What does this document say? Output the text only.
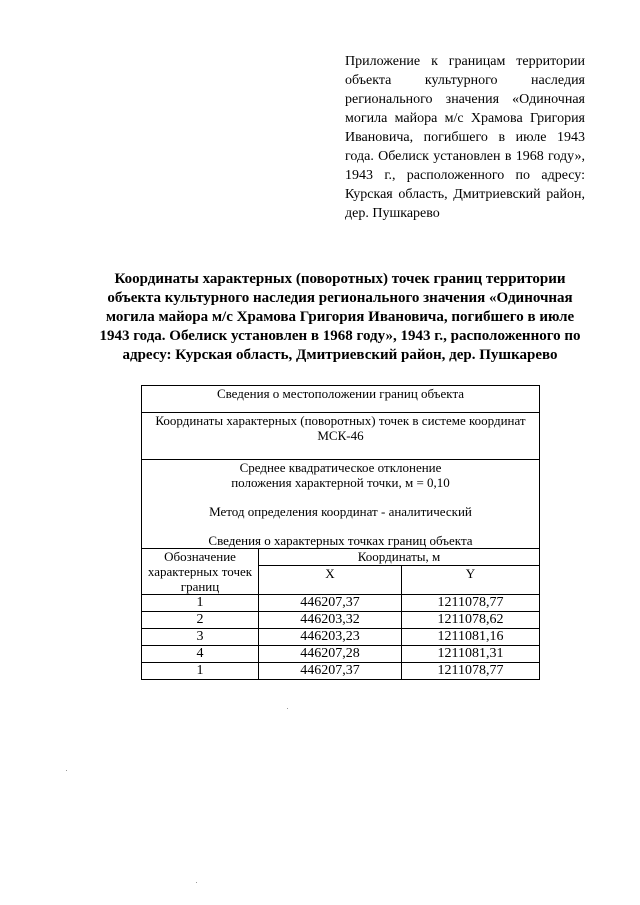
Приложение к границам территории объекта культурного наследия регионального значения «Одиночная могила майора м/с Храмова Григория Ивановича, погибшего в июле 1943 года. Обелиск установлен в 1968 году», 1943 г., расположенного по адресу: Курская область, Дмитриевский район, дер. Пушкарево
Координаты характерных (поворотных) точек границ территории объекта культурного наследия регионального значения «Одиночная могила майора м/с Храмова Григория Ивановича, погибшего в июле 1943 года. Обелиск установлен в 1968 году», 1943 г., расположенного по адресу: Курская область, Дмитриевский район, дер. Пушкарево
Сведения о местоположении границ объекта		
Координаты характерных (поворотных) точек в системе координат МСК-46		

Среднее квадратическое отклонение
положения характерной точки, м = 0,10
Метод определения координат - аналитический
Сведения о характерных точках границ объекта		

Обозначение характерных точек границ	Координаты, м	
	X	Y
1	446207,37	1211078,77
2	446203,32	1211078,62
3	446203,23	1211081,16
4	446207,28	1211081,31
1	446207,37	1211078,77
